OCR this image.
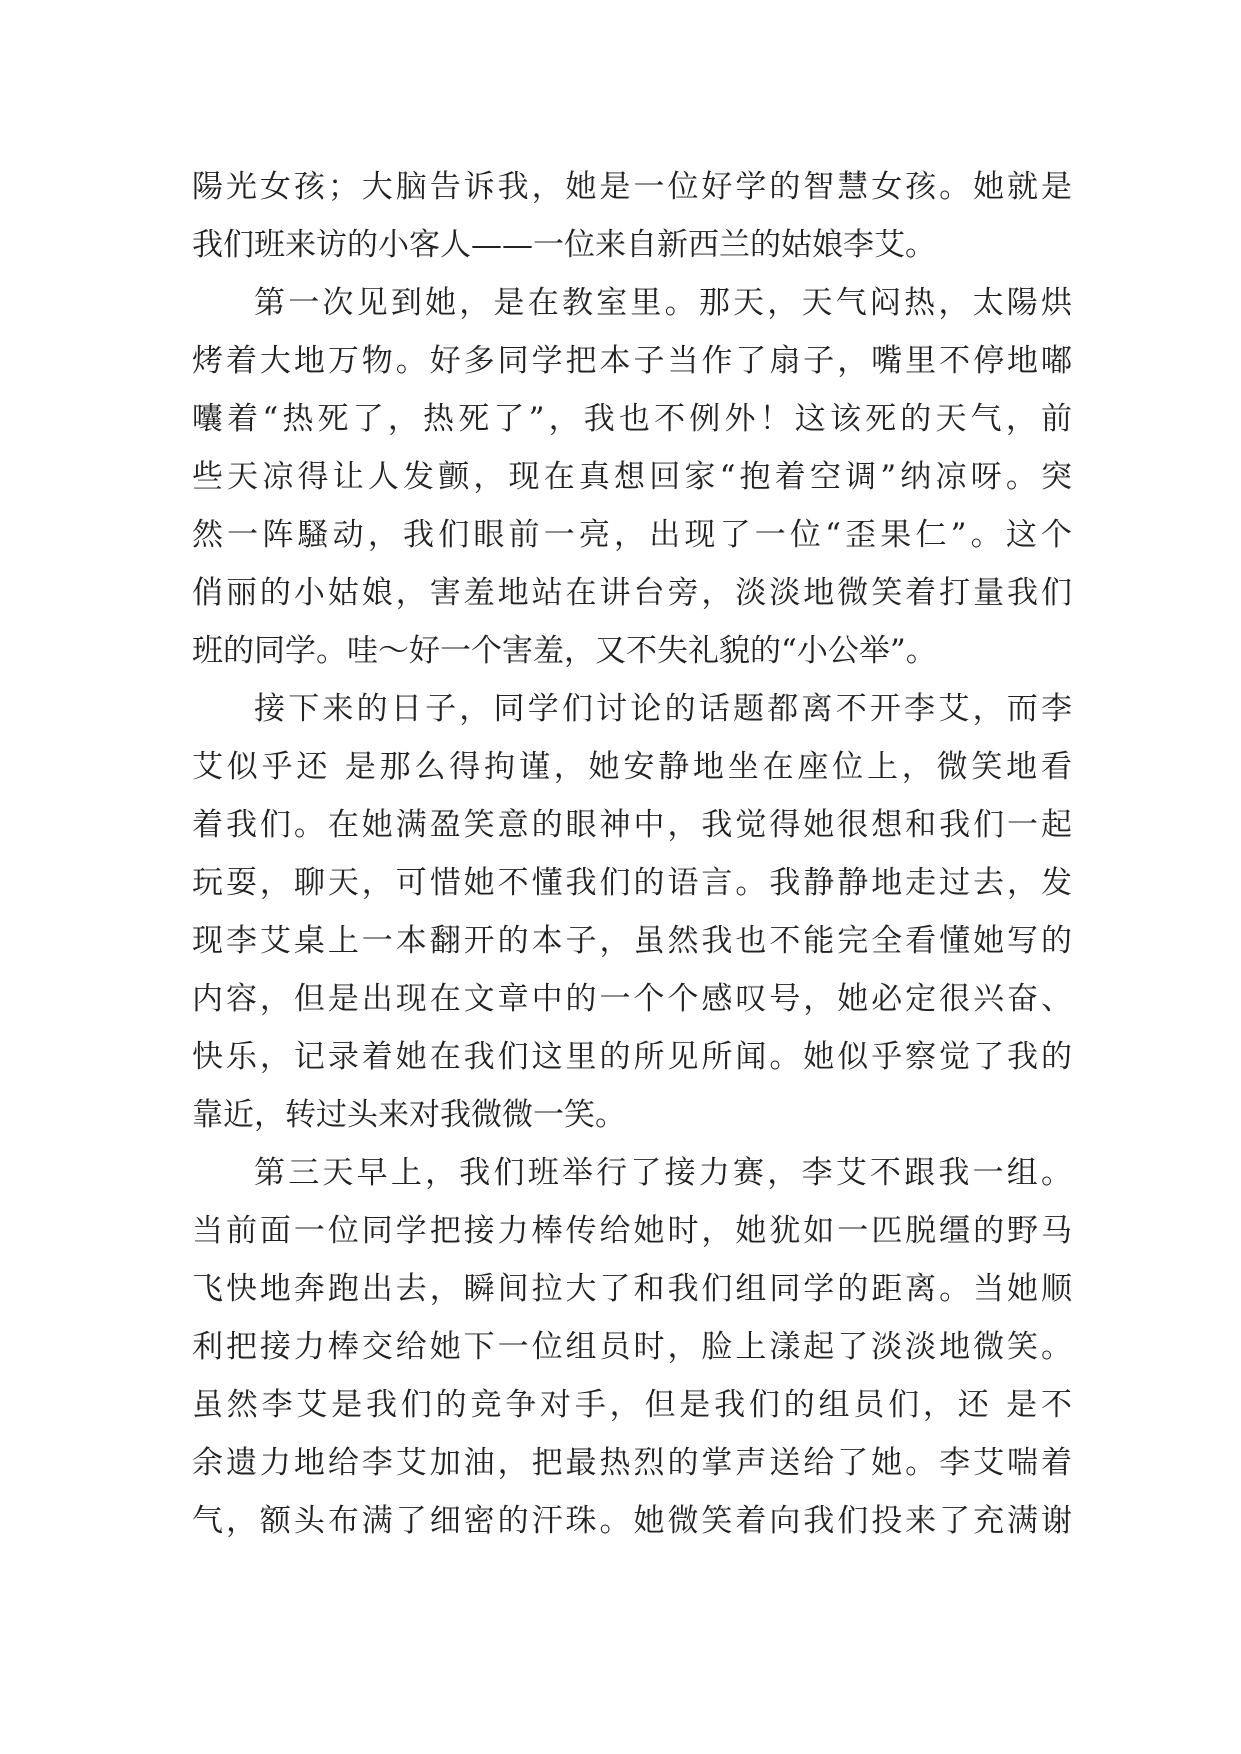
陽光女孩；大脑告诉我，她是一位好学的智慧女孩。她就是
我们班来访的小客人——一位来自新西兰的姑娘李艾。
第一次见到她，是在教室里。那天，天气闷热，太陽烘
烤着大地万物。好多同学把本子当作了扇子，嘴里不停地嘟
囔着“热死了，热死了”，我也不例外！这该死的天气，前
些天凉得让人发颤，现在真想回家“抱着空调”纳凉呀。突
然一阵騷动，我们眼前一亮，出现了一位“歪果仁”。这个
俏丽的小姑娘，害羞地站在讲台旁，淡淡地微笑着打量我们
班的同学。哇～好一个害羞，又不失礼貌的“小公举”。
接下来的日子，同学们讨论的话题都离不开李艾，而李
艾似乎还 是那么得拘谨，她安静地坐在座位上，微笑地看
着我们。在她满盈笑意的眼神中，我觉得她很想和我们一起
玩耍，聊天，可惜她不懂我们的语言。我静静地走过去，发
现李艾桌上一本翻开的本子，虽然我也不能完全看懂她写的
内容，但是出现在文章中的一个个感叹号，她必定很兴奋、
快乐，记录着她在我们这里的所见所闻。她似乎察觉了我的
靠近，转过头来对我微微一笑。
第三天早上，我们班举行了接力赛，李艾不跟我一组。
当前面一位同学把接力棒传给她时，她犹如一匹脱缰的野马
飞快地奔跑出去，瞬间拉大了和我们组同学的距离。当她顺
利把接力棒交给她下一位组员时，脸上漾起了淡淡地微笑。
虽然李艾是我们的竞争对手，但是我们的组员们，还 是不
余遗力地给李艾加油，把最热烈的掌声送给了她。李艾喘着
气，额头布满了细密的汗珠。她微笑着向我们投来了充满谢
